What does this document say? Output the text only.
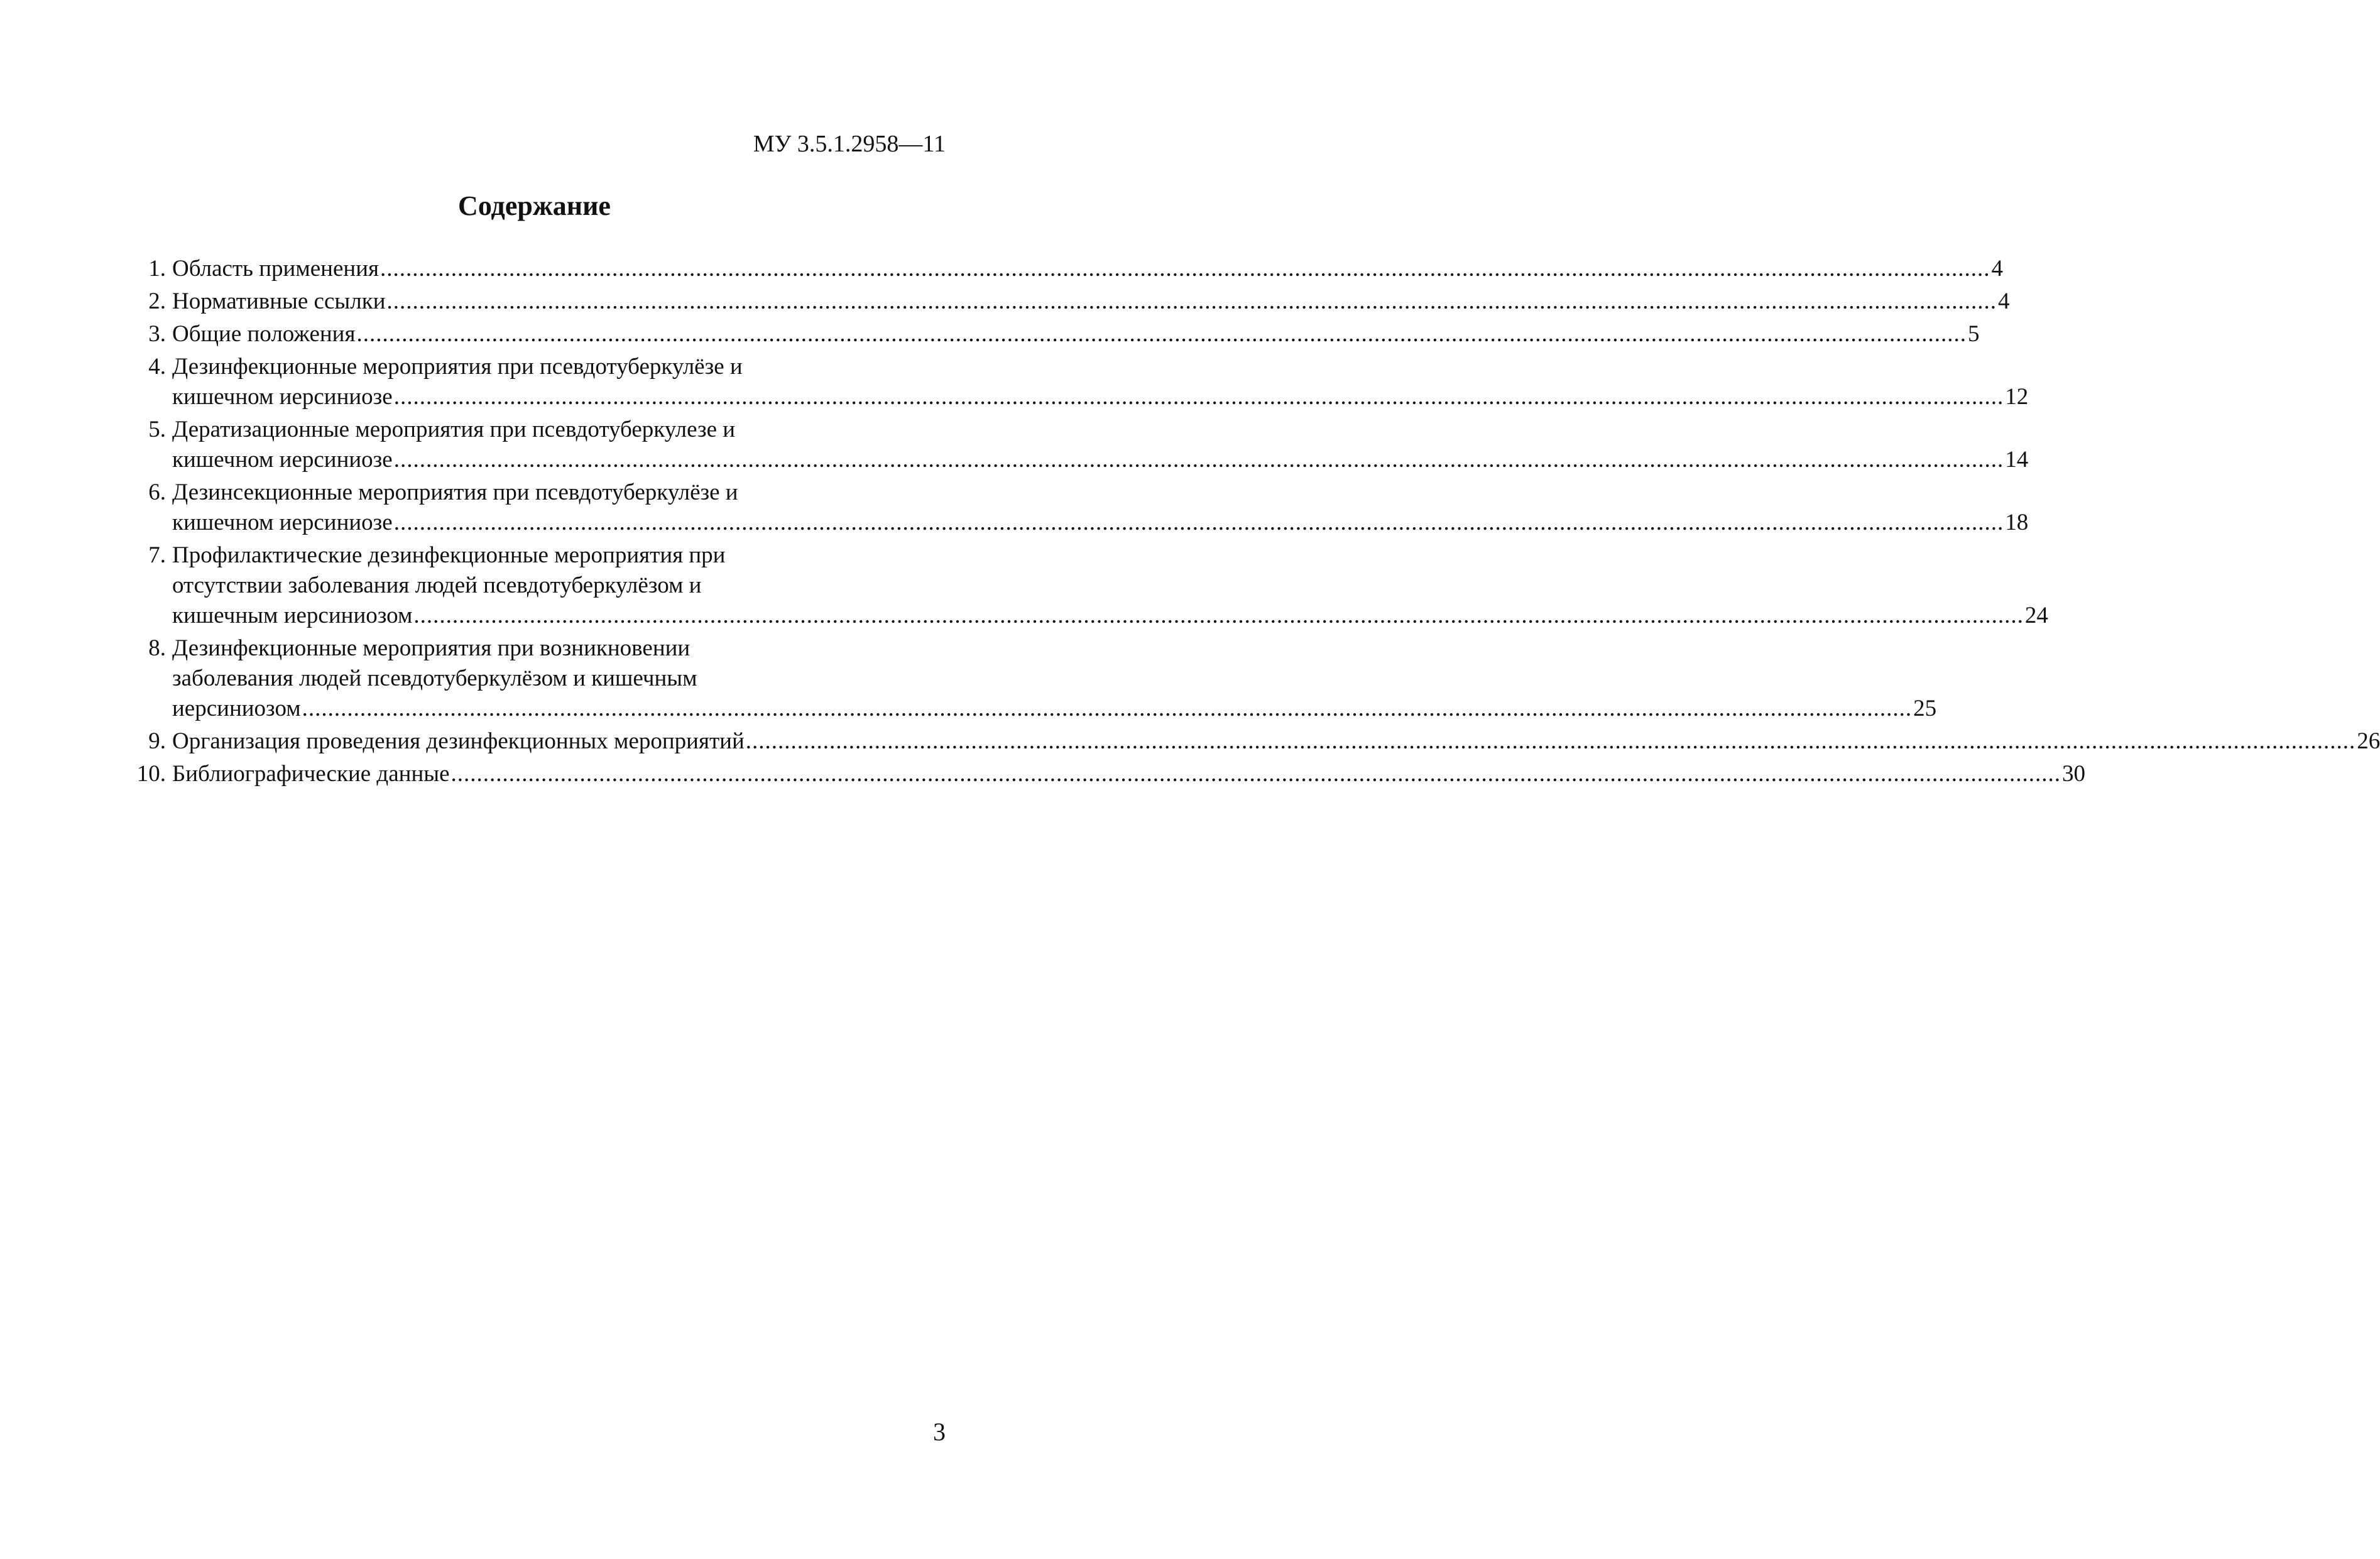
МУ 3.5.1.2958—11
Содержание
1. Область применения .....	4
2. Нормативные ссылки .....	4
3. Общие положения .....	5
4. Дезинфекционные мероприятия при псевдотуберкулёзе и
кишечном иерсиниозе .....	12
5. Дератизационные мероприятия при псевдотуберкулезе и
кишечном иерсиниозе .....	14
6. Дезинсекционные мероприятия при псевдотуберкулёзе и
кишечном иерсиниозе .....	18
7. Профилактические дезинфекционные мероприятия при
отсутствии заболевания людей псевдотуберкулёзом и
кишечным иерсиниозом .....	24
8. Дезинфекционные мероприятия при возникновении
заболевания людей псевдотуберкулёзом и кишечным
иерсиниозом .....	25
9. Организация проведения дезинфекционных мероприятий .....	26
10. Библиографические данные .....	30
3
